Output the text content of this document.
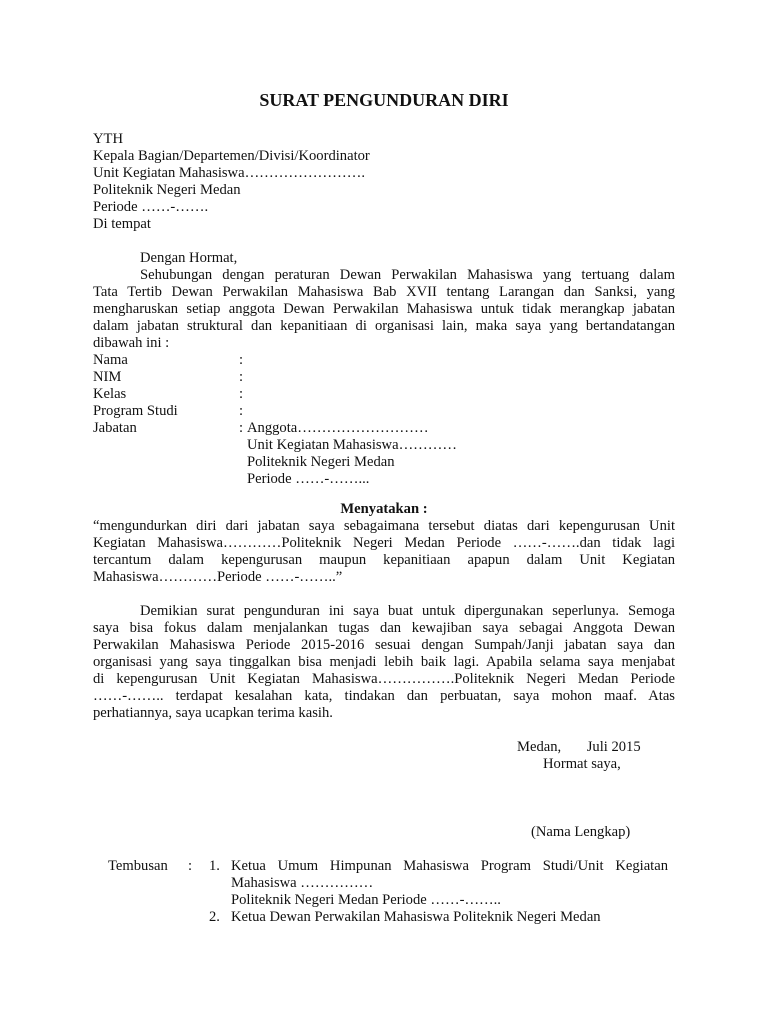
SURAT PENGUNDURAN DIRI
YTH
Kepala Bagian/Departemen/Divisi/Koordinator
Unit Kegiatan Mahasiswa…………………….
Politeknik Negeri Medan
Periode ……-…….
Di tempat
Dengan Hormat,
Sehubungan dengan peraturan Dewan Perwakilan Mahasiswa yang tertuang dalam
Tata Tertib Dewan Perwakilan Mahasiswa Bab XVII tentang Larangan dan Sanksi, yang
mengharuskan setiap anggota Dewan Perwakilan Mahasiswa untuk tidak merangkap jabatan
dalam jabatan struktural dan kepanitiaan di organisasi lain, maka saya yang bertandatangan
dibawah ini :
Nama	:
NIM	:
Kelas	:
Program Studi	:
Jabatan	: Anggota………………………
Unit Kegiatan Mahasiswa…………
Politeknik Negeri Medan
Periode ……-……...
Menyatakan :
“mengundurkan diri dari jabatan saya sebagaimana tersebut diatas dari kepengurusan Unit
Kegiatan Mahasiswa…………Politeknik Negeri Medan Periode ……-…….dan tidak lagi
tercantum dalam kepengurusan maupun kepanitiaan apapun dalam Unit Kegiatan
Mahasiswa…………Periode ……-……..”
Demikian surat pengunduran ini saya buat untuk dipergunakan seperlunya. Semoga
saya bisa fokus dalam menjalankan tugas dan kewajiban saya sebagai Anggota Dewan
Perwakilan Mahasiswa Periode 2015-2016 sesuai dengan Sumpah/Janji jabatan saya dan
organisasi yang saya tinggalkan bisa menjadi lebih baik lagi. Apabila selama saya menjabat
di kepengurusan Unit Kegiatan Mahasiswa…………….Politeknik Negeri Medan Periode
……-…….. terdapat kesalahan kata, tindakan dan perbuatan, saya mohon maaf. Atas
perhatiannya, saya ucapkan terima kasih.
Medan,       Juli 2015
Hormat saya,
(Nama Lengkap)
Tembusan : 1. Ketua Umum Himpunan Mahasiswa Program Studi/Unit Kegiatan
Mahasiswa ……………
Politeknik Negeri Medan Periode ……-……..
2. Ketua Dewan Perwakilan Mahasiswa Politeknik Negeri Medan
